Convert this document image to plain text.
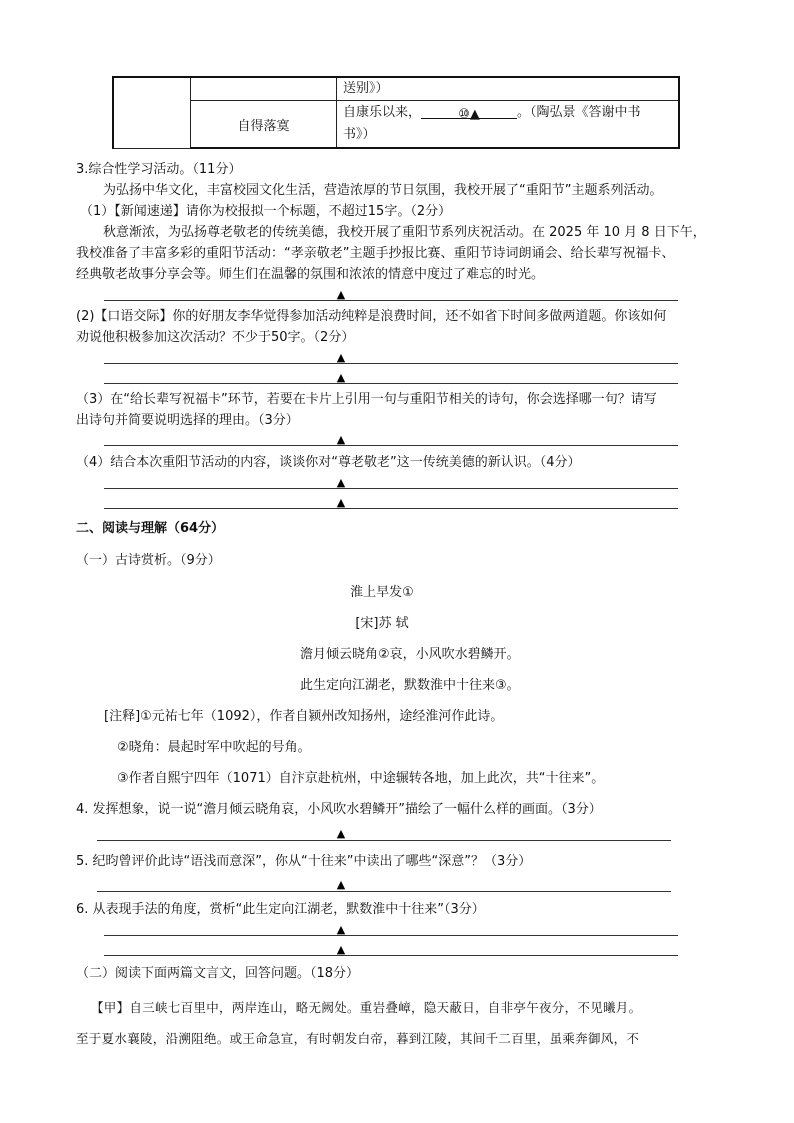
		送别》）
	自得落寞	自康乐以来， ⑩▲ 。（陶弘景《答谢中书
书》）
3.综合性学习活动。（11分）
为弘扬中华文化，丰富校园文化生活，营造浓厚的节日氛围，我校开展了“重阳节”主题系列活动。
（1）【新闻速递】请你为校报拟一个标题，不超过15字。（2分）
秋意渐浓，为弘扬尊老敬老的传统美德，我校开展了重阳节系列庆祝活动。在 2025 年 10 月 8 日下午，
我校准备了丰富多彩的重阳节活动：“孝亲敬老”主题手抄报比赛、重阳节诗词朗诵会、给长辈写祝福卡、
经典敬老故事分享会等。师生们在温馨的氛围和浓浓的情意中度过了难忘的时光。
▲
(2)【口语交际】你的好朋友李华觉得参加活动纯粹是浪费时间，还不如省下时间多做两道题。你该如何
劝说他积极参加这次活动？不少于50字。（2分）
▲
▲
（3）在“给长辈写祝福卡”环节，若要在卡片上引用一句与重阳节相关的诗句，你会选择哪一句？请写
出诗句并简要说明选择的理由。（3分）
▲
（4）结合本次重阳节活动的内容，谈谈你对“尊老敬老”这一传统美德的新认识。（4分）
▲
▲
二、阅读与理解（64分）
（一）古诗赏析。（9分）
淮上早发①
[宋]苏 轼
澹月倾云晓角②哀，小风吹水碧鳞开。
此生定向江湖老，默数淮中十往来③。
[注释]①元祐七年（1092），作者自颍州改知扬州，途经淮河作此诗。
②晓角：晨起时军中吹起的号角。
③作者自熙宁四年（1071）自汴京赴杭州，中途辗转各地，加上此次，共“十往来”。
4. 发挥想象，说一说“澹月倾云晓角哀，小风吹水碧鳞开”描绘了一幅什么样的画面。（3分）
▲
5. 纪昀曾评价此诗“语浅而意深”，你从“十往来”中读出了哪些“深意”？（3分）
▲
6. 从表现手法的角度，赏析“此生定向江湖老，默数淮中十往来”（3分）
▲
▲
（二）阅读下面两篇文言文，回答问题。（18分）
【甲】自三峡七百里中，两岸连山，略无阙处。重岩叠嶂，隐天蔽日，自非亭午夜分，不见曦月。
至于夏水襄陵，沿溯阻绝。或王命急宣，有时朝发白帝，暮到江陵，其间千二百里，虽乘奔御风，不
